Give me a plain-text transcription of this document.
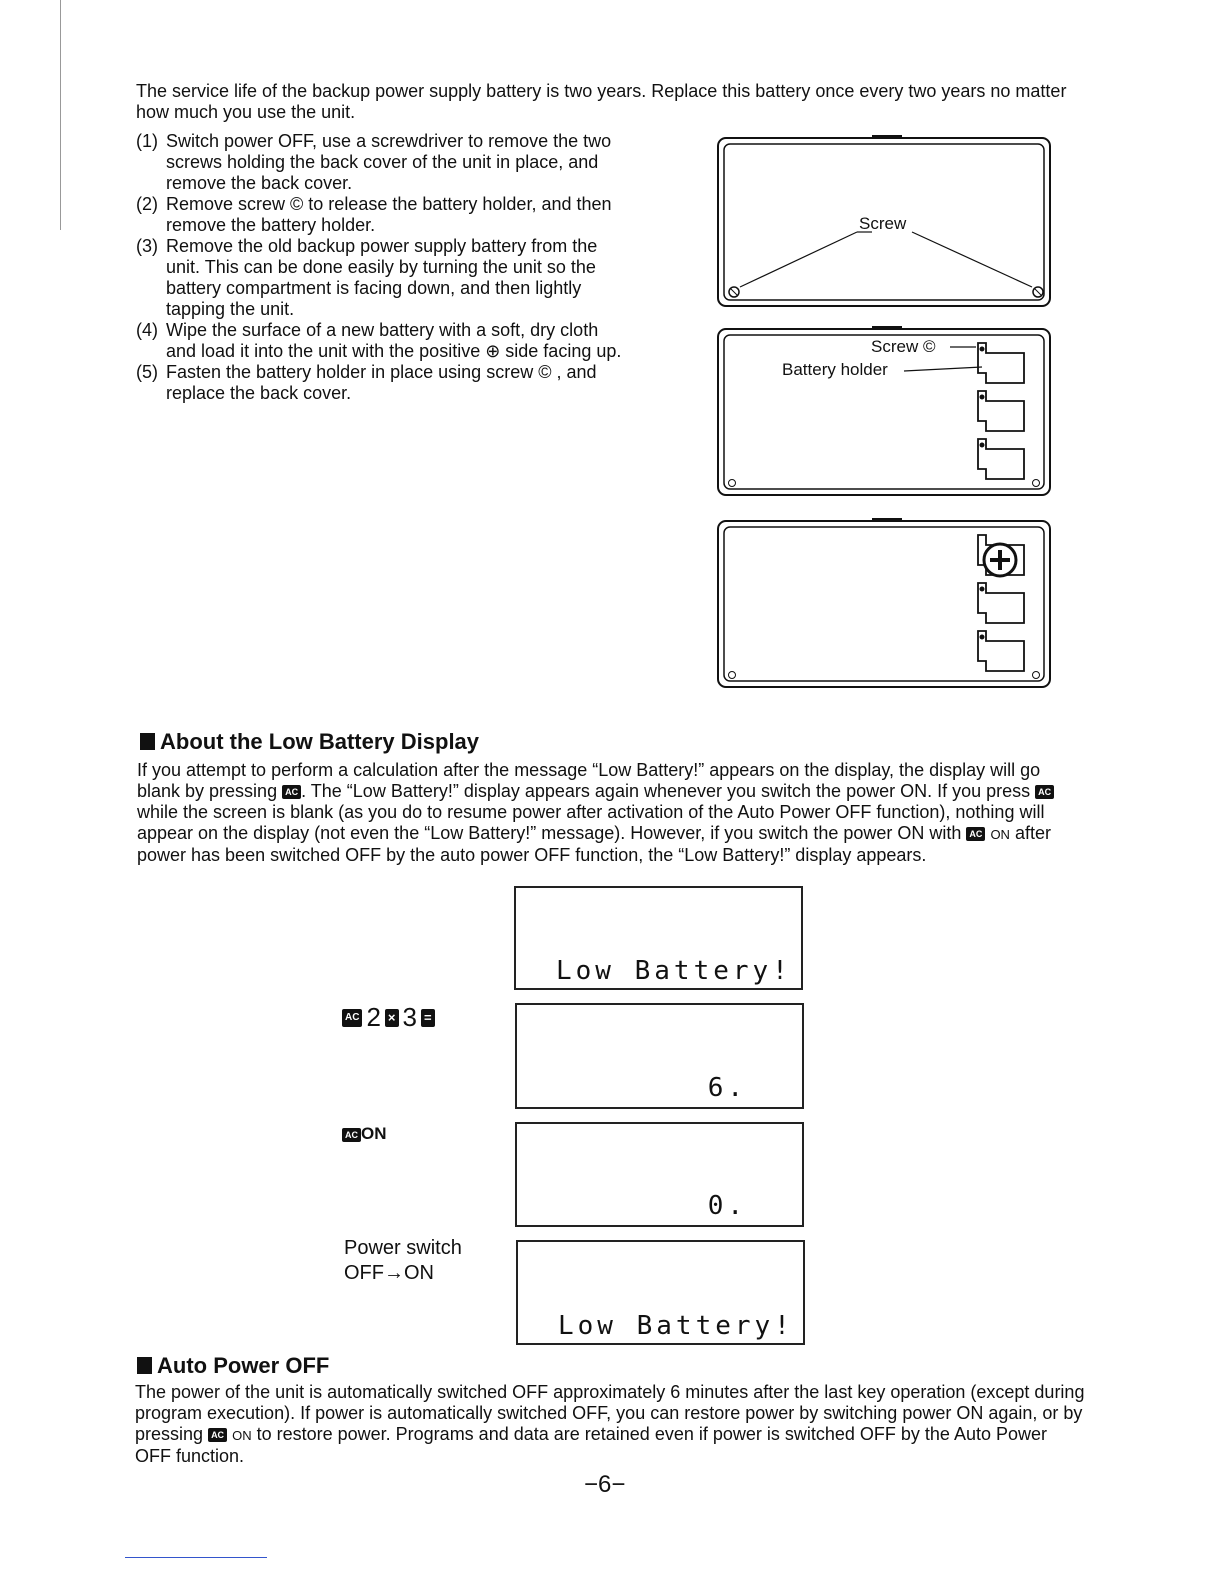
The service life of the backup power supply battery is two years. Replace this battery once every two years no matter how much you use the unit.

(1) Switch power OFF, use a screwdriver to remove the two screws holding the back cover of the unit in place, and remove the back cover.
(2) Remove screw © to release the battery holder, and then remove the battery holder.
(3) Remove the old backup power supply battery from the unit. This can be done easily by turning the unit so the battery compartment is facing down, and then lightly tapping the unit.
(4) Wipe the surface of a new battery with a soft, dry cloth and load it into the unit with the positive ⊕ side facing up.
(5) Fasten the battery holder in place using screw © , and replace the back cover.
Screw
Screw ©
Battery holder
About the Low Battery Display
If you attempt to perform a calculation after the message “Low Battery!” appears on the display, the display will go blank by pressing AC . The “Low Battery!” display appears again whenever you switch the power ON. If you press AC while the screen is blank (as you do to resume power after activation of the Auto Power OFF function), nothing will appear on the display (not even the “Low Battery!” message). However, if you switch the power ON with AC ON after power has been switched OFF by the auto power OFF function, the “Low Battery!” display appears.
Low Battery!
6.
0.
Low Battery!
AC 2 × 3 =
AC ON
Power switch
OFF→ON
Auto Power OFF
The power of the unit is automatically switched OFF approximately 6 minutes after the last key operation (except during program execution). If power is automatically switched OFF, you can restore power by switching power ON again, or by pressing AC ON to restore power. Programs and data are retained even if power is switched OFF by the Auto Power OFF function.
−6−
